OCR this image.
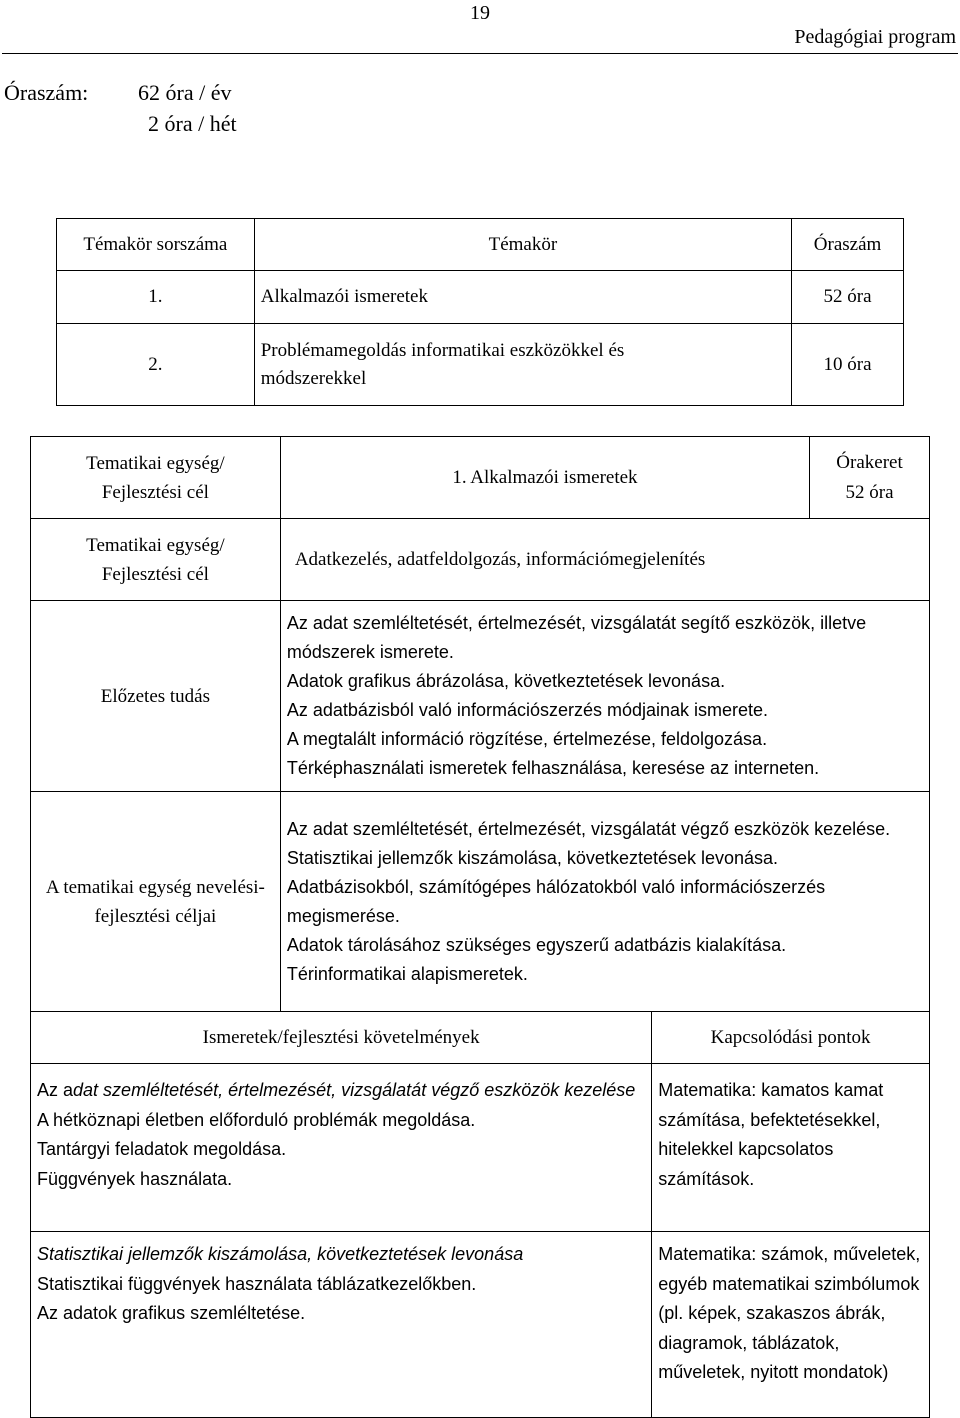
19
Pedagógiai program
Óraszám: 62 óra / év
2 óra / hét
Témakör sorszáma	Témakör	Óraszám
1.	Alkalmazói ismeretek	52 óra
2.	Problémamegoldás informatikai eszközökkel és módszerekkel	10 óra
Tematikai egység/ Fejlesztési cél	1. Alkalmazói ismeretek	Órakeret
52 óra

Tematikai egység/ Fejlesztési cél	Adatkezelés, adatfeldolgozás, információmegjelenítés	
Előzetes tudás	Az adat szemléltetését, értelmezését, vizsgálatát segítő eszközök, illetve módszerek ismerete.
Adatok grafikus ábrázolása, következtetések levonása.
Az adatbázisból való információszerzés módjainak ismerete.
A megtalált információ rögzítése, értelmezése, feldolgozása.
Térképhasználati ismeretek felhasználása, keresése az interneten.	

A tematikai egység nevelési-fejlesztési céljai	Az adat szemléltetését, értelmezését, vizsgálatát végző eszközök kezelése.
Statisztikai jellemzők kiszámolása, következtetések levonása.
Adatbázisokból, számítógépes hálózatokból való információszerzés megismerése.
Adatok tárolásához szükséges egyszerű adatbázis kialakítása.
Térinformatikai alapismeretek.	
Ismeretek/fejlesztési követelmények	Kapcsolódási pontok

Az adat szemléltetését, értelmezését, vizsgálatát végző eszközök kezelése
A hétköznapi életben előforduló problémák megoldása.
Tantárgyi feladatok megoldása.
Függvények használata.	Matematika: kamatos kamat számítása, befektetésekkel, hitelekkel kapcsolatos számítások.

Statisztikai jellemzők kiszámolása, következtetések levonása
Statisztikai függvények használata táblázatkezelőkben.
Az adatok grafikus szemléltetése.	Matematika: számok, műveletek, egyéb matematikai szimbólumok (pl. képek, szakaszos ábrák, diagramok, táblázatok, műveletek, nyitott mondatok)
